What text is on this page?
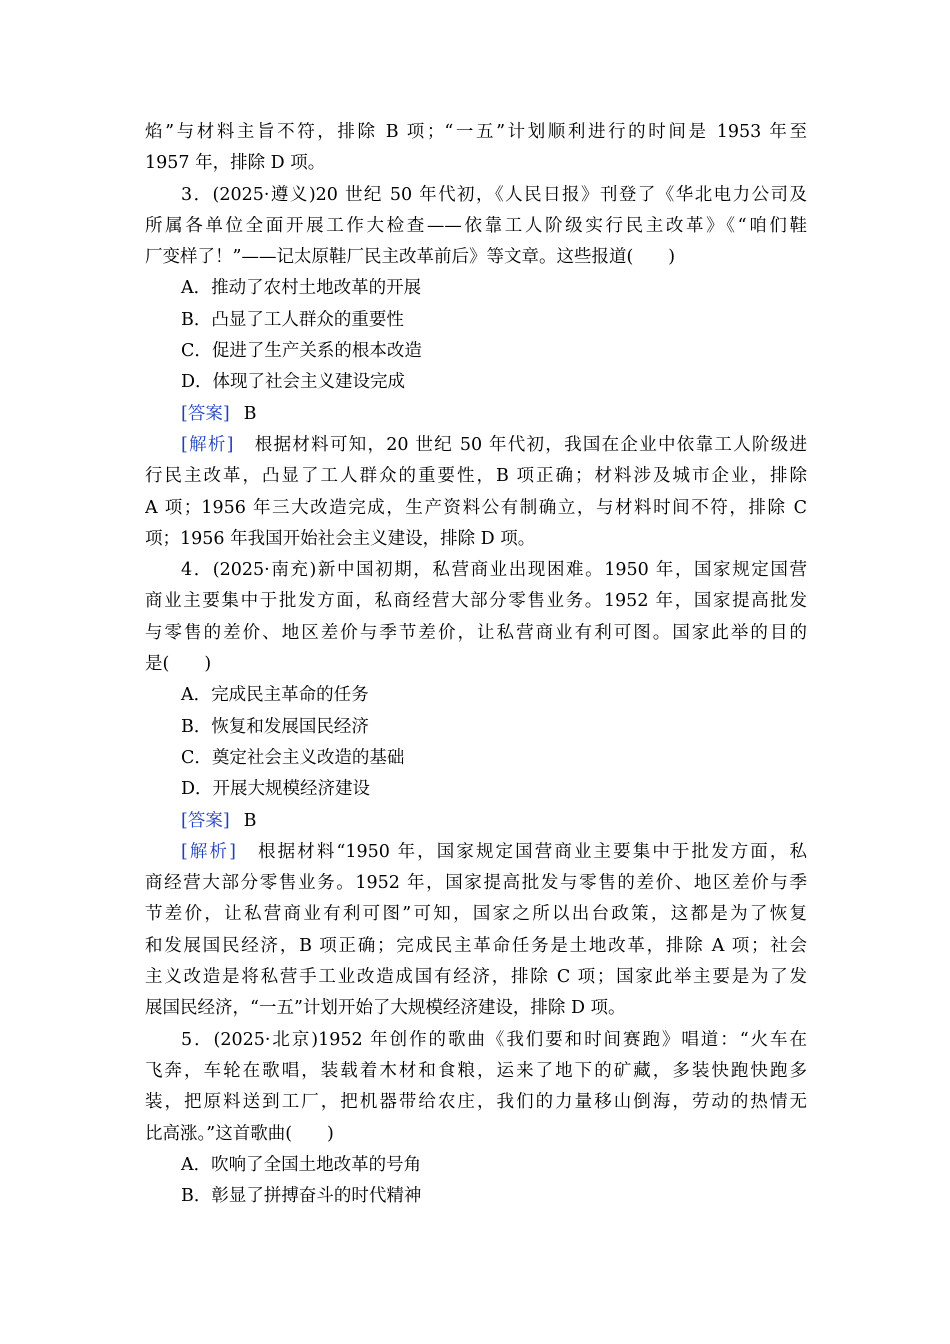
焰”与材料主旨不符，排除 B 项；“一五”计划顺利进行的时间是 1953 年至
1957 年，排除 D 项。
3．(2025·遵义)20 世纪 50 年代初，《人民日报》刊登了《华北电力公司及
所属各单位全面开展工作大检查——依靠工人阶级实行民主改革》《“咱们鞋
厂变样了！”——记太原鞋厂民主改革前后》等文章。这些报道(　　)
A．推动了农村土地改革的开展
B．凸显了工人群众的重要性
C．促进了生产关系的根本改造
D．体现了社会主义建设完成
[答案] B
[解析] 根据材料可知，20 世纪 50 年代初，我国在企业中依靠工人阶级进
行民主改革，凸显了工人群众的重要性，B 项正确；材料涉及城市企业，排除
A 项；1956 年三大改造完成，生产资料公有制确立，与材料时间不符，排除 C
项；1956 年我国开始社会主义建设，排除 D 项。
4．(2025·南充)新中国初期，私营商业出现困难。1950 年，国家规定国营
商业主要集中于批发方面，私商经营大部分零售业务。1952 年，国家提高批发
与零售的差价、地区差价与季节差价，让私营商业有利可图。国家此举的目的
是(　　)
A．完成民主革命的任务
B．恢复和发展国民经济
C．奠定社会主义改造的基础
D．开展大规模经济建设
[答案] B
[解析] 根据材料“1950 年，国家规定国营商业主要集中于批发方面，私
商经营大部分零售业务。1952 年，国家提高批发与零售的差价、地区差价与季
节差价，让私营商业有利可图”可知，国家之所以出台政策，这都是为了恢复
和发展国民经济，B 项正确；完成民主革命任务是土地改革，排除 A 项；社会
主义改造是将私营手工业改造成国有经济，排除 C 项；国家此举主要是为了发
展国民经济，“一五”计划开始了大规模经济建设，排除 D 项。
5．(2025·北京)1952 年创作的歌曲《我们要和时间赛跑》唱道：“火车在
飞奔，车轮在歌唱，装载着木材和食粮，运来了地下的矿藏，多装快跑快跑多
装，把原料送到工厂，把机器带给农庄，我们的力量移山倒海，劳动的热情无
比高涨。”这首歌曲(　　)
A．吹响了全国土地改革的号角
B．彰显了拼搏奋斗的时代精神
